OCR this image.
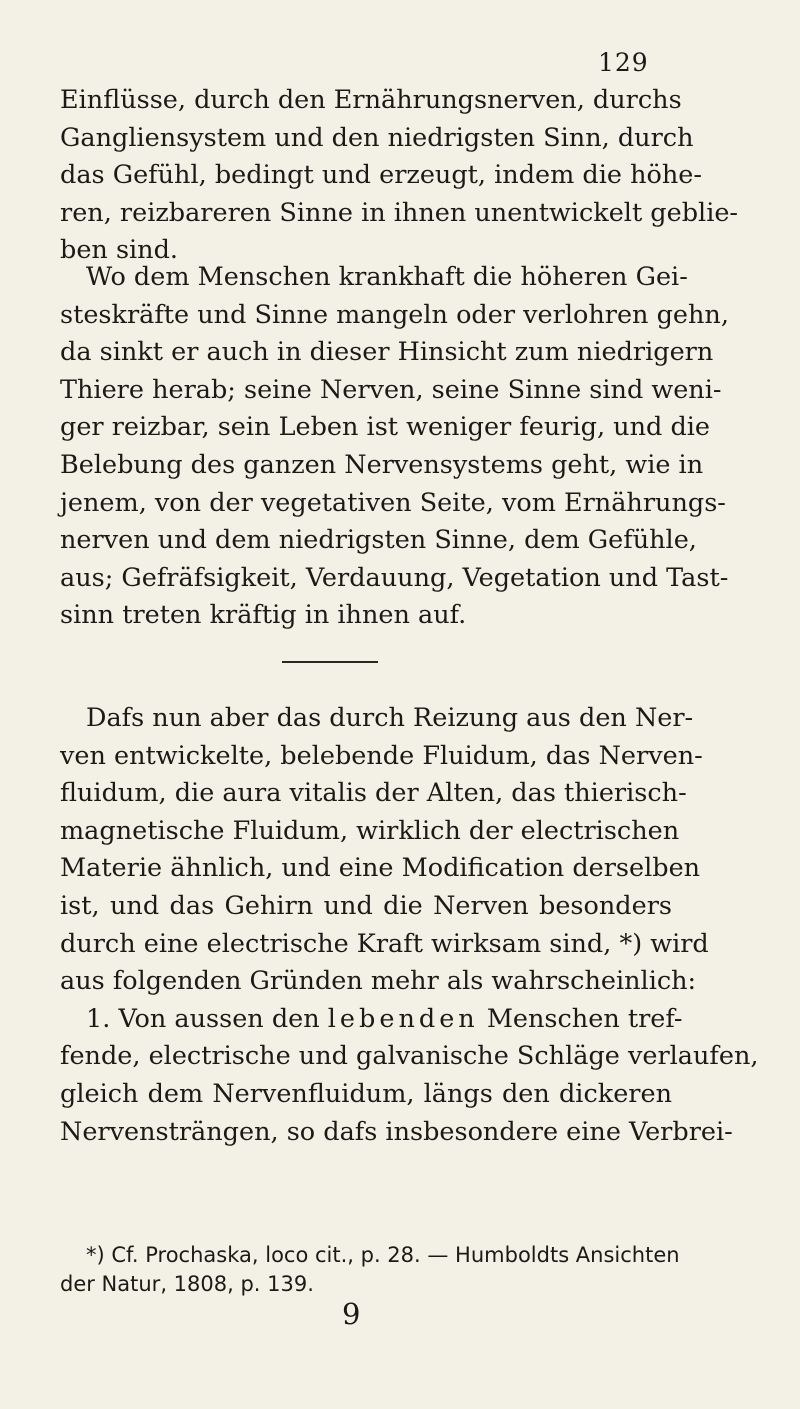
129
Einflüsse, durch den Ernährungsnerven, durchs
Gangliensystem und den niedrigsten Sinn, durch
das Gefühl, bedingt und erzeugt, indem die höhe-
ren, reizbareren Sinne in ihnen unentwickelt geblie-
ben sind.
Wo dem Menschen krankhaft die höheren Gei-
steskräfte und Sinne mangeln oder verlohren gehn,
da sinkt er auch in dieser Hinsicht zum niedrigern
Thiere herab; seine Nerven, seine Sinne sind weni-
ger reizbar, sein Leben ist weniger feurig, und die
Belebung des ganzen Nervensystems geht, wie in
jenem, von der vegetativen Seite, vom Ernährungs-
nerven und dem niedrigsten Sinne, dem Gefühle,
aus; Gefräfsigkeit, Verdauung, Vegetation und Tast-
sinn treten kräftig in ihnen auf.
Dafs nun aber das durch Reizung aus den Ner-
ven entwickelte, belebende Fluidum, das Nerven-
fluidum, die aura vitalis der Alten, das thierisch-
magnetische Fluidum, wirklich der electrischen
Materie ähnlich, und eine Modification derselben
ist, und das Gehirn und die Nerven besonders
durch eine electrische Kraft wirksam sind, *) wird
aus folgenden Gründen mehr als wahrscheinlich:
1. Von aussen den lebenden Menschen tref-
fende, electrische und galvanische Schläge verlaufen,
gleich dem Nervenfluidum, längs den dickeren
Nervensträngen, so dafs insbesondere eine Verbrei-
*) Cf. Prochaska, loco cit., p. 28. — Humboldts Ansichten
der Natur, 1808, p. 139.
9
